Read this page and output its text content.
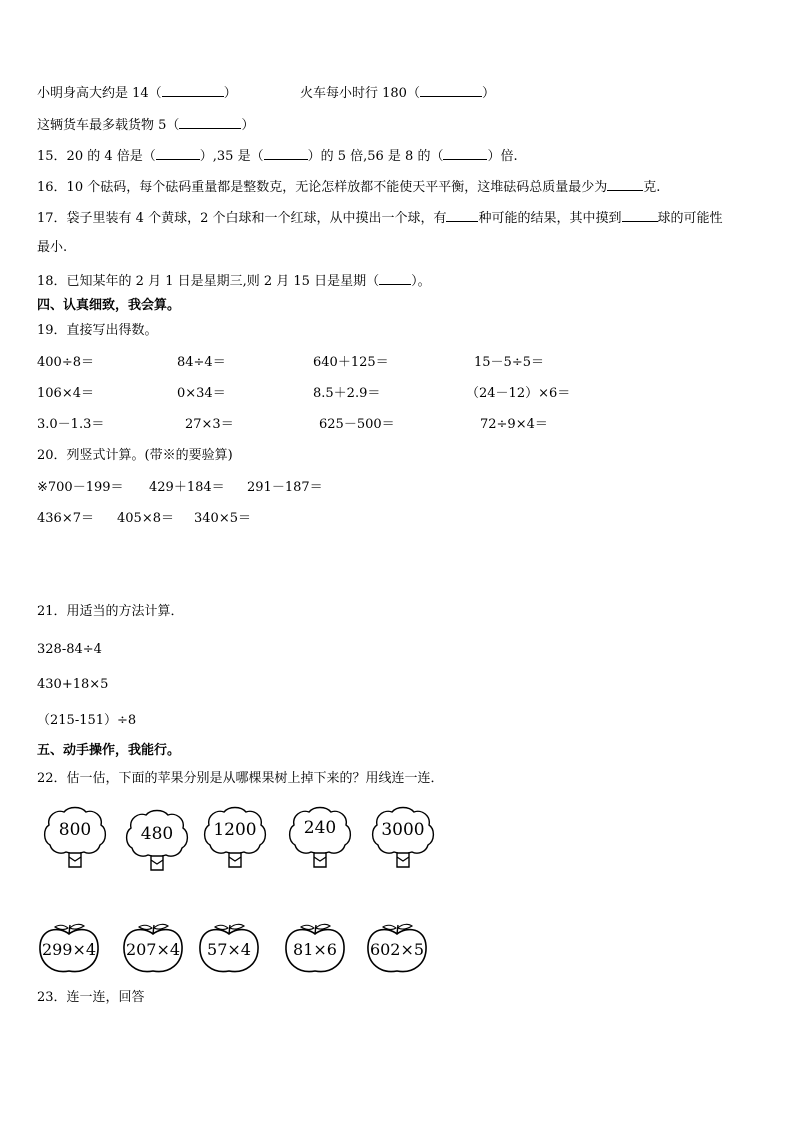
小明身高大约是 14（	）	火车每小时行 180（	）
这辆货车最多载货物 5（	）
15．20 的 4 倍是（	）,35 是（	）的 5 倍,56 是 8 的（	）倍.
16．10 个砝码，每个砝码重量都是整数克，无论怎样放都不能使天平平衡，这堆砝码总质量最少为	克.
17．袋子里装有 4 个黄球，2 个白球和一个红球，从中摸出一个球，有 种可能的结果，其中摸到	球的可能性
最小.
18．已知某年的 2 月 1 日是星期三,则 2 月 15 日是星期（ ）。
四、认真细致，我会算。
19．直接写出得数。
400÷8＝	84÷4＝	640＋125＝	15－5÷5＝
106×4＝	0×34＝	8.5＋2.9＝	（24－12）×6＝
3.0－1.3＝	27×3＝	625－500＝	72÷9×4＝
20．列竖式计算。(带※的要验算)
※700－199＝ 429＋184＝ 291－187＝
436×7＝ 405×8＝ 340×5＝
21．用适当的方法计算．
328-84÷4
430+18×5
（215-151）÷8
五、动手操作，我能行。
22．估一估，下面的苹果分别是从哪棵果树上掉下来的？用线连一连．
800	480	1200	240	3000
299×4	207×4	57×4	81×6	602×5
23．连一连，回答
